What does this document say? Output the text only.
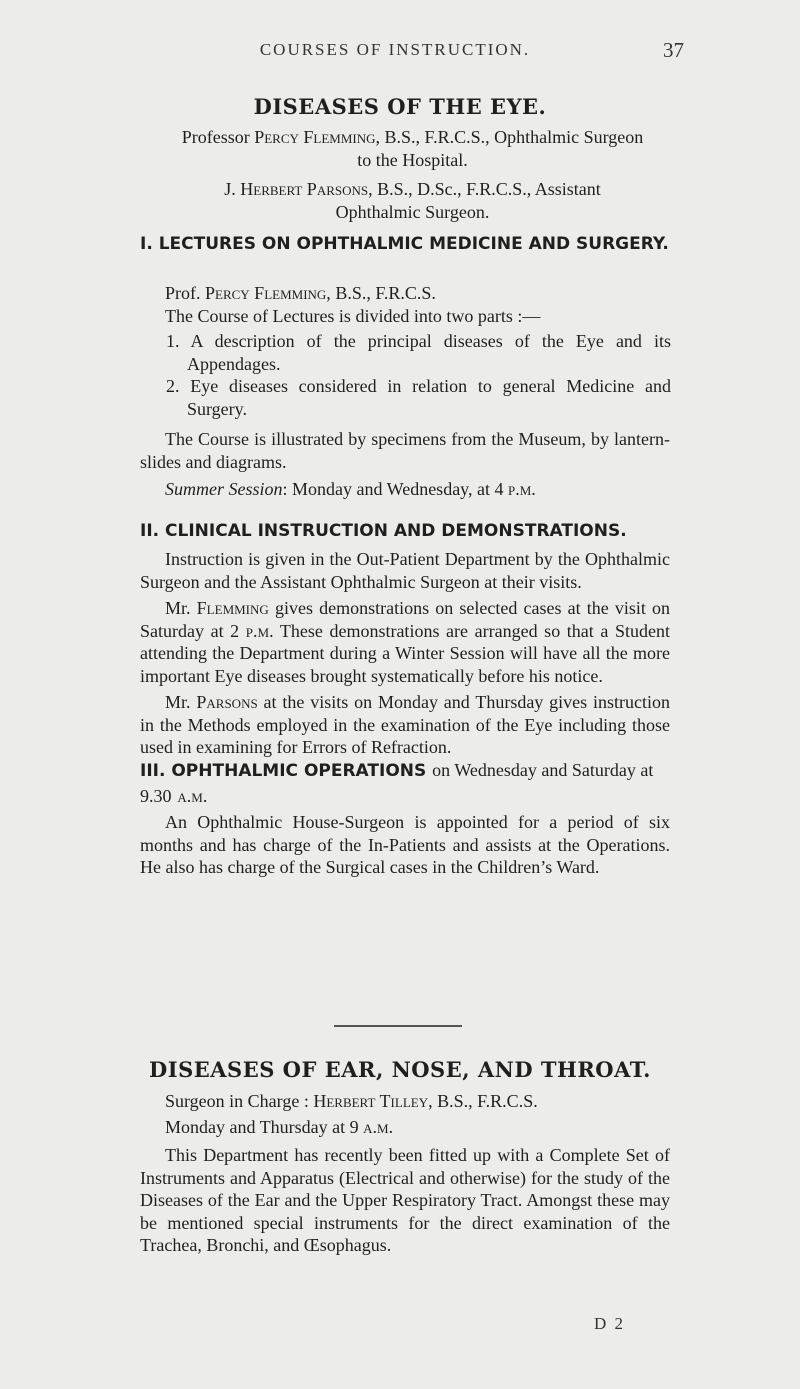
COURSES OF INSTRUCTION.	37
DISEASES OF THE EYE.
Professor Percy Flemming, B.S., F.R.C.S., Ophthalmic Surgeon
to the Hospital.
J. Herbert Parsons, B.S., D.Sc., F.R.C.S., Assistant
Ophthalmic Surgeon.
I. LECTURES ON OPHTHALMIC MEDICINE AND SURGERY.
Prof. Percy Flemming, B.S., F.R.C.S.
The Course of Lectures is divided into two parts :—
1. A description of the principal diseases of the Eye and its Appendages.
2. Eye diseases considered in relation to general Medicine and Surgery.
The Course is illustrated by specimens from the Museum, by lantern-slides and diagrams.
Summer Session: Monday and Wednesday, at 4 p.m.
II. CLINICAL INSTRUCTION AND DEMONSTRATIONS.
Instruction is given in the Out-Patient Department by the Ophthalmic Surgeon and the Assistant Ophthalmic Surgeon at their visits.
Mr. Flemming gives demonstrations on selected cases at the visit on Saturday at 2 p.m. These demonstrations are arranged so that a Student attending the Department during a Winter Session will have all the more important Eye diseases brought systematically before his notice.
Mr. Parsons at the visits on Monday and Thursday gives instruction in the Methods employed in the examination of the Eye including those used in examining for Errors of Refraction.
III. OPHTHALMIC OPERATIONS on Wednesday and Saturday at 9.30 a.m.
An Ophthalmic House-Surgeon is appointed for a period of six months and has charge of the In-Patients and assists at the Operations. He also has charge of the Surgical cases in the Children’s Ward.
DISEASES OF EAR, NOSE, AND THROAT.
Surgeon in Charge : Herbert Tilley, B.S., F.R.C.S.
Monday and Thursday at 9 a.m.
This Department has recently been fitted up with a Complete Set of Instruments and Apparatus (Electrical and otherwise) for the study of the Diseases of the Ear and the Upper Respiratory Tract. Amongst these may be mentioned special instruments for the direct examination of the Trachea, Bronchi, and Œsophagus.
D 2
